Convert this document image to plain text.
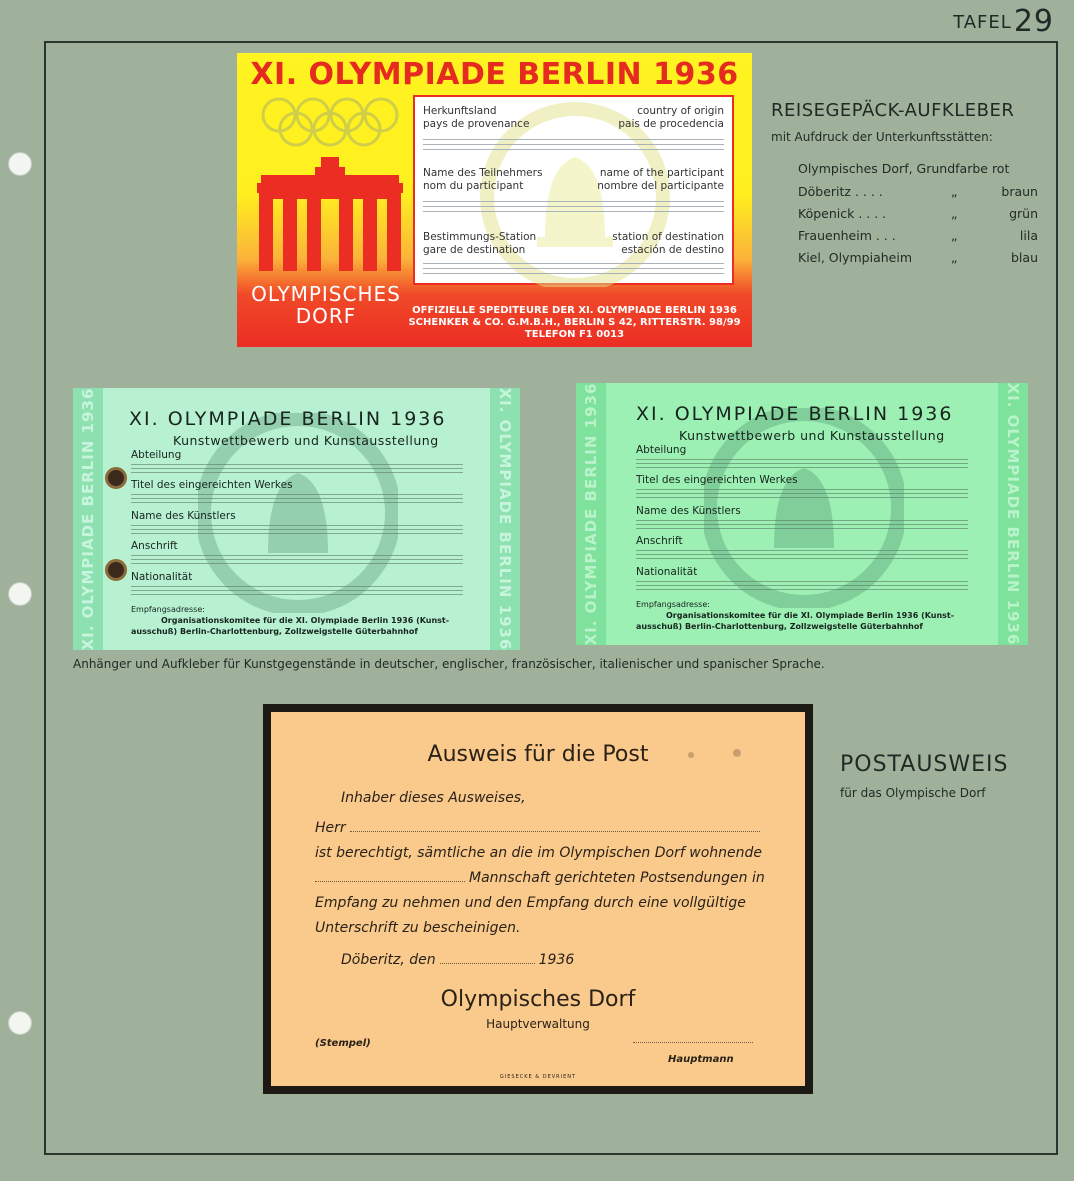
TAFEL29
XI. OLYMPIADE BERLIN 1936
OLYMPISCHES
DORF
Herkunftsland
pays de provenance
country of origin
pais de procedencia
Name des Teilnehmers
nom du participant
name of the participant
nombre del participante
Bestimmungs-Station
gare de destination
station of destination
estación de destino
OFFIZIELLE SPEDITEURE DER XI. OLYMPIADE BERLIN 1936
SCHENKER & CO. G.M.B.H., BERLIN S 42, RITTERSTR. 98/99
TELEFON F1 0013
REISEGEPÄCK-AUFKLEBER
mit Aufdruck der Unterkunftsstätten:
Olympisches Dorf, Grundfarbe rot
Döberitz . . . .	„	braun
Köpenick . . . .	„	grün
Frauenheim . . .	„	lila
Kiel, Olympiaheim	„	blau
XI. OLYMPIADE BERLIN 1936	XI. OLYMPIADE BERLIN 1936
XI. OLYMPIADE BERLIN 1936
Kunstwettbewerb und Kunstausstellung
Abteilung
Titel des eingereichten Werkes
Name des Künstlers
Anschrift
Nationalität
Empfangsadresse:
Organisationskomitee für die XI. Olympiade Berlin 1936 (Kunst-
ausschuß) Berlin-Charlottenburg, Zollzweigstelle Güterbahnhof	XI. OLYMPIADE BERLIN 1936	XI. OLYMPIADE BERLIN 1936
XI. OLYMPIADE BERLIN 1936
Kunstwettbewerb und Kunstausstellung
Abteilung
Titel des eingereichten Werkes
Name des Künstlers
Anschrift
Nationalität
Empfangsadresse:
Organisationskomitee für die XI. Olympiade Berlin 1936 (Kunst-
ausschuß) Berlin-Charlottenburg, Zollzweigstelle Güterbahnhof
Anhänger und Aufkleber für Kunstgegenstände in deutscher, englischer, französischer, italienischer und spanischer Sprache.
Ausweis für die Post
Inhaber dieses Ausweises,
Herr
ist berechtigt, sämtliche an die im Olympischen Dorf wohnende
Mannschaft gerichteten Postsendungen in
Empfang zu nehmen und den Empfang durch eine vollgültige
Unterschrift zu bescheinigen.
Döberitz, den	1936
Olympisches Dorf
Hauptverwaltung
(Stempel)
Hauptmann
GIESECKE & DEVRIENT
POSTAUSWEIS
für das Olympische Dorf
